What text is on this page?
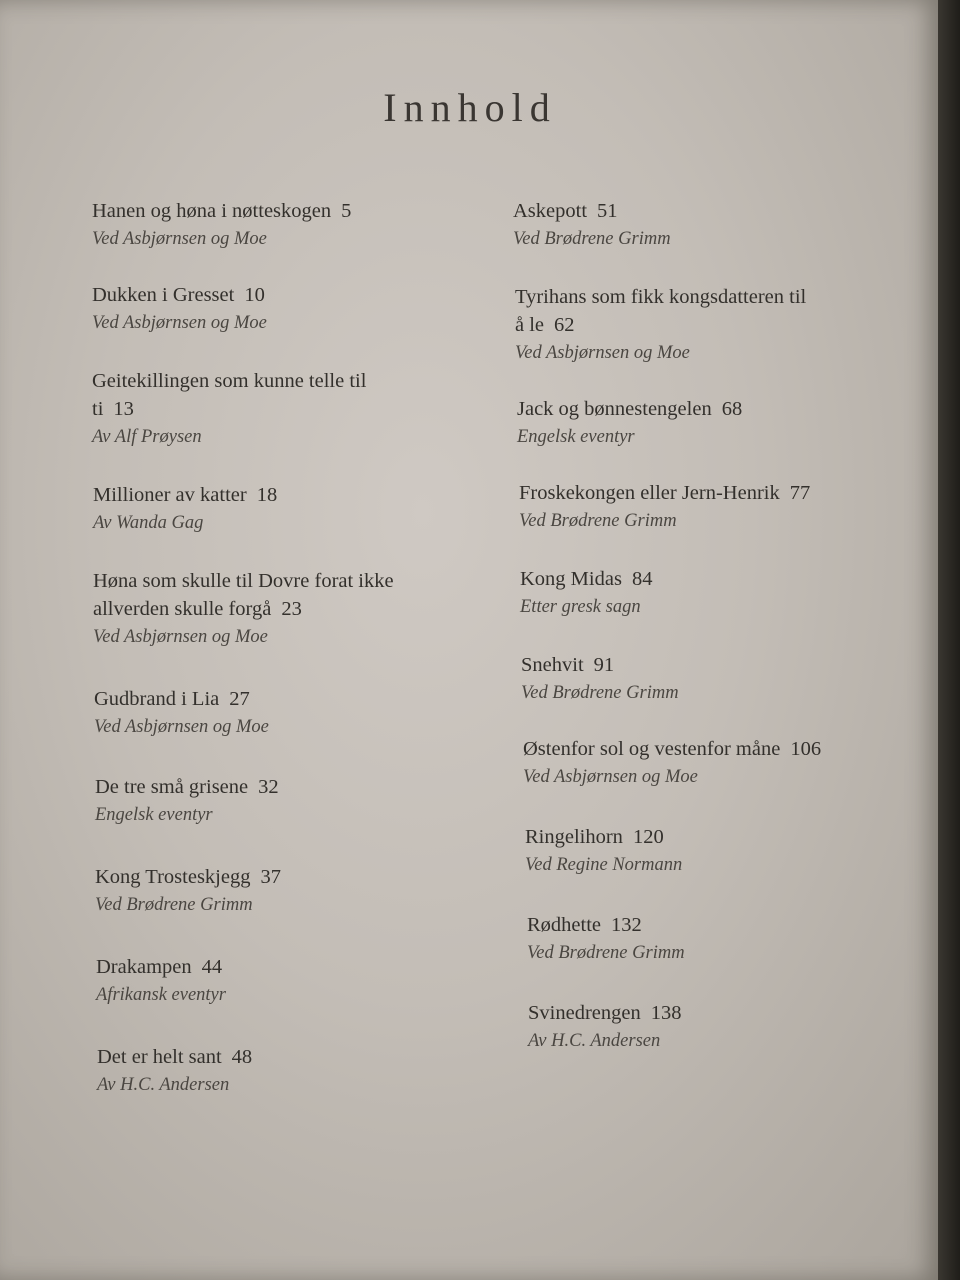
Innhold
Hanen og høna i nøtteskogen 5
Ved Asbjørnsen og Moe
Dukken i Gresset 10
Ved Asbjørnsen og Moe
Geitekillingen som kunne telle til
ti 13
Av Alf Prøysen
Millioner av katter 18
Av Wanda Gag
Høna som skulle til Dovre forat ikke
allverden skulle forgå 23
Ved Asbjørnsen og Moe
Gudbrand i Lia 27
Ved Asbjørnsen og Moe
De tre små grisene 32
Engelsk eventyr
Kong Trosteskjegg 37
Ved Brødrene Grimm
Drakampen 44
Afrikansk eventyr
Det er helt sant 48
Av H.C. Andersen
Askepott 51
Ved Brødrene Grimm
Tyrihans som fikk kongsdatteren til
å le 62
Ved Asbjørnsen og Moe
Jack og bønnestengelen 68
Engelsk eventyr
Froskekongen eller Jern-Henrik 77
Ved Brødrene Grimm
Kong Midas 84
Etter gresk sagn
Snehvit 91
Ved Brødrene Grimm
Østenfor sol og vestenfor måne 106
Ved Asbjørnsen og Moe
Ringelihorn 120
Ved Regine Normann
Rødhette 132
Ved Brødrene Grimm
Svinedrengen 138
Av H.C. Andersen
